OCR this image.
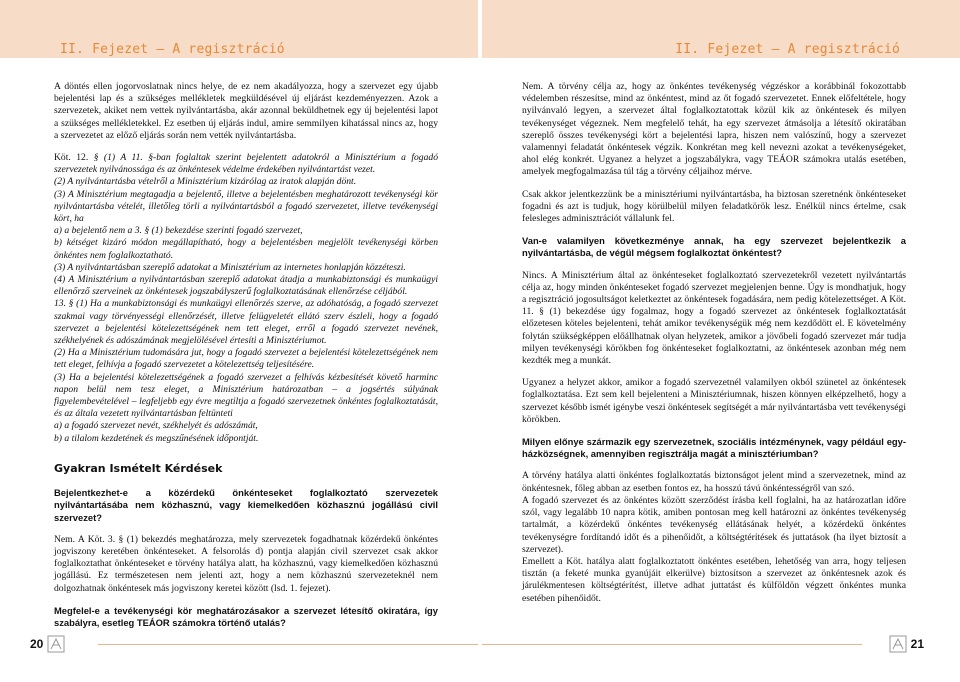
II. Fejezet – A regisztráció	II. Fejezet – A regisztráció

A döntés ellen jogorvoslatnak nincs helye, de ez nem akadályozza, hogy a szervezet egy újabb bejelentési lap és a szükséges mellékletek megküldésével új eljárást kezdeményezzen. Azok a szervezetek, akiket nem vettek nyilvántartásba, akár azonnal beküldhetnek egy új bejelentési lapot a szükséges mellékletekkel. Ez esetben új eljárás indul, amire semmilyen kihatással nincs az, hogy a szervezetet az előző eljárás során nem vették nyilvántartásba.

Köt. 12. § (1) A 11. §-ban foglaltak szerint bejelentett adatokról a Minisztérium a fogadó szervezetek nyilvánossága és az önkéntesek védelme érdekében nyilvántartást vezet.

(2) A nyilvántartásba vételről a Minisztérium kizárólag az iratok alapján dönt.

(3) A Minisztérium megtagadja a bejelentő, illetve a bejelentésben meghatározott tevékenységi kör nyilvántartásba vételét, illetőleg törli a nyilvántartásból a fogadó szervezetet, illetve tevékenységi kört, ha

a) a bejelentő nem a 3. § (1) bekezdése szerinti fogadó szervezet,

b) kétséget kizáró módon megállapítható, hogy a bejelentésben megjelölt tevékenységi körben önkéntes nem foglalkoztatható.

(3) A nyilvántartásban szereplő adatokat a Minisztérium az internetes honlapján közzéteszi.

(4) A Minisztérium a nyilvántartásban szereplő adatokat átadja a munkabiztonsági és munkaügyi ellenőrző szerveinek az önkéntesek jogszabályszerű foglalkoztatásának ellenőrzése céljából.

13. § (1) Ha a munkabiztonsági és munkaügyi ellenőrzés szerve, az adóhatóság, a fogadó szervezet szakmai vagy törvényességi ellenőrzését, illetve felügyeletét ellátó szerv észleli, hogy a fogadó szervezet a bejelentési kötelezettségének nem tett eleget, erről a fogadó szervezet nevének, székhelyének és adószámának megjelölésével értesíti a Minisztériumot.

(2) Ha a Minisztérium tudomására jut, hogy a fogadó szervezet a bejelentési kötelezettségének nem tett eleget, felhívja a fogadó szervezetet a kötelezettség teljesítésére.

(3) Ha a bejelentési kötelezettségének a fogadó szervezet a felhívás kézbesítését követő harminc napon belül nem tesz eleget, a Minisztérium határozatban – a jogsértés súlyának figyelembevételével – legfeljebb egy évre megtiltja a fogadó szervezetnek önkéntes foglalkoztatását, és az általa vezetett nyilvántartásban feltünteti

a) a fogadó szervezet nevét, székhelyét és adószámát,

b) a tilalom kezdetének és megszűnésének időpontját.

Gyakran Ismételt Kérdések

Bejelentkezhet-e a közérdekű önkénteseket foglalkoztató szervezetek nyilvántartásába nem közhasznú, vagy kiemelkedően közhasznú jogállású civil szervezet?

Nem. A Köt. 3. § (1) bekezdés meghatározza, mely szervezetek fogadhatnak közérdekű önkéntes jogviszony keretében önkénteseket. A felsorolás d) pontja alapján civil szervezet csak akkor foglalkoztathat önkénteseket e törvény hatálya alatt, ha közhasznú, vagy kiemelkedően közhasznú jogállású. Ez természetesen nem jelenti azt, hogy a nem közhasznú szervezeteknél nem dolgozhatnak önkéntesek más jogviszony keretei között (lsd. 1. fejezet).

Megfelel-e a tevékenységi kör meghatározásakor a szervezet létesítő okiratára, így szabályra, esetleg TEÁOR számokra történő utalás?

Nem. A törvény célja az, hogy az önkéntes tevékenység végzéskor a korábbinál fokozottabb védelemben részesítse, mind az önkéntest, mind az őt fogadó szervezetet. Ennek előfeltétele, hogy nyilvánvaló legyen, a szervezet által foglalkoztatottak közül kik az önkéntesek és milyen tevékenységet végeznek. Nem megfelelő tehát, ha egy szervezet átmásolja a létesítő okiratában szereplő összes tevékenységi kört a bejelentési lapra, hiszen nem valószínű, hogy a szervezet valamennyi feladatát önkéntesek végzik. Konkrétan meg kell nevezni azokat a tevékenységeket, ahol elég konkrét. Ugyanez a helyzet a jogszabálykra, vagy TEÁOR számokra utalás esetében, amelyek megfogalmazása túl tág a törvény céljaihoz mérve.

Csak akkor jelentkezzünk be a minisztériumi nyilvántartásba, ha biztosan szeretnénk önkénteseket fogadni és azt is tudjuk, hogy körülbelül milyen feladatkörök lesz. Enélkül nincs értelme, csak felesleges adminisztrációt vállalunk fel.

Van-e valamilyen következménye annak, ha egy szervezet bejelentkezik a nyilvántartásba, de végül mégsem foglalkoztat önkéntest?

Nincs. A Minisztérium által az önkénteseket foglalkoztató szervezetekről vezetett nyilvántartás célja az, hogy minden önkénteseket fogadó szervezet megjelenjen benne. Úgy is mondhatjuk, hogy a regisztráció jogosultságot keletkeztet az önkéntesek fogadására, nem pedig kötelezettséget. A Köt. 11. § (1) bekezdése úgy fogalmaz, hogy a fogadó szervezet az önkéntesek foglalkoztatását előzetesen köteles bejelenteni, tehát amikor tevékenységük még nem kezdődött el. E követelmény folytán szükségképpen előállhatnak olyan helyzetek, amikor a jövőbeli fogadó szervezet már tudja milyen tevékenységi körökben fog önkénteseket foglalkoztatni, az önkéntesek azonban még nem kezdték meg a munkát.

Ugyanez a helyzet akkor, amikor a fogadó szervezetnél valamilyen okból szünetel az önkéntesek foglalkoztatása. Ezt sem kell bejelenteni a Minisztériumnak, hiszen könnyen elképzelhető, hogy a szervezet később ismét igénybe veszi önkéntesek segítségét a már nyilvántartásba vett tevékenységi körökben.

Milyen előnye származik egy szervezetnek, szociális intézménynek, vagy például egy-házközségnek, amennyiben regisztrálja magát a minisztériumban?

A törvény hatálya alatti önkéntes foglalkoztatás biztonságot jelent mind a szervezetnek, mind az önkéntesnek, főleg abban az esetben fontos ez, ha hosszú távú önkéntességről van szó.

A fogadó szervezet és az önkéntes között szerződést írásba kell foglalni, ha az határozatlan időre szól, vagy legalább 10 napra kötik, amiben pontosan meg kell határozni az önkéntes tevékenység tartalmát, a közérdekű önkéntes tevékenység ellátásának helyét, a közérdekű önkéntes tevékenységre fordítandó időt és a pihenőidőt, a költségtérítések és juttatások (ha ilyet biztosít a szervezet).

Emellett a Köt. hatálya alatt foglalkoztatott önkéntes esetében, lehetőség van arra, hogy teljesen tisztán (a feketé munka gyanújáit elkerülve) biztosítson a szervezet az önkéntesnek azok és járulékmentesen költségtérítést, illetve adhat juttatást és külföldön végzett önkéntes munka esetében pihenőidőt.

20	21
